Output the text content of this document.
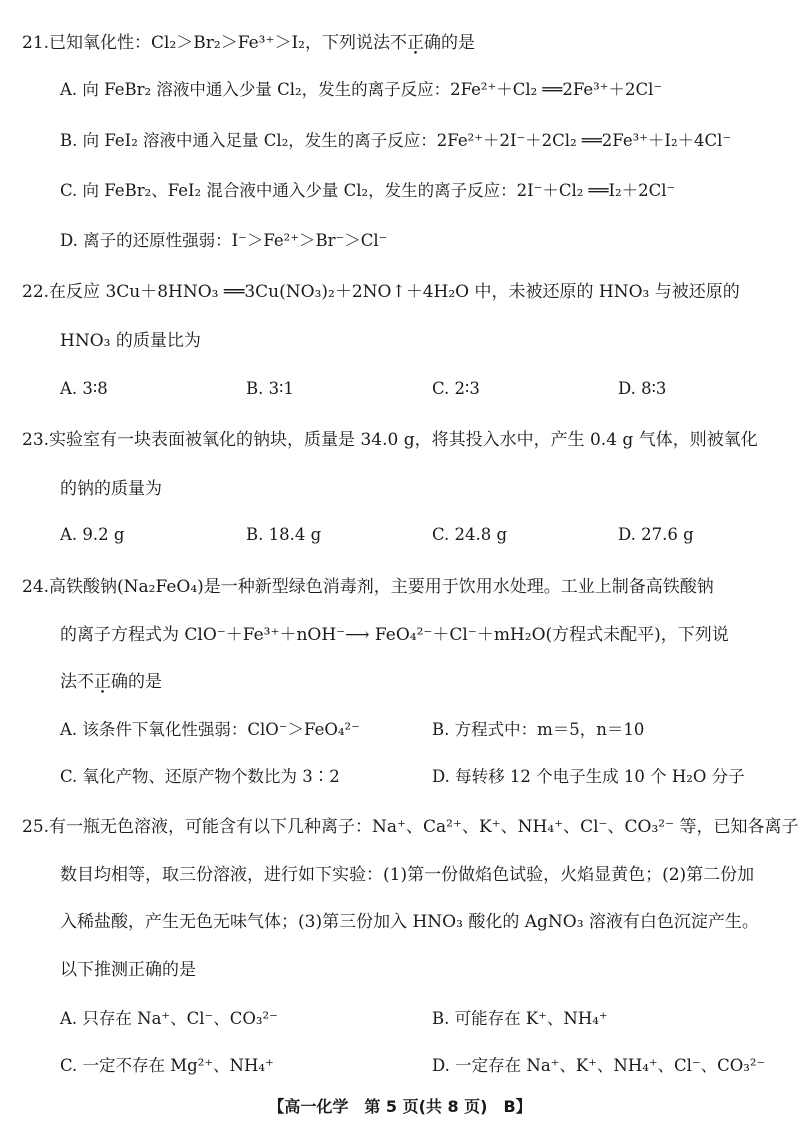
21.已知氧化性：Cl₂＞Br₂＞Fe³⁺＞I₂，下列说法不正确的是
A. 向 FeBr₂ 溶液中通入少量 Cl₂，发生的离子反应：2Fe²⁺＋Cl₂ ══2Fe³⁺＋2Cl⁻
B. 向 FeI₂ 溶液中通入足量 Cl₂，发生的离子反应：2Fe²⁺＋2I⁻＋2Cl₂ ══2Fe³⁺＋I₂＋4Cl⁻
C. 向 FeBr₂、FeI₂ 混合液中通入少量 Cl₂，发生的离子反应：2I⁻＋Cl₂ ══I₂＋2Cl⁻
D. 离子的还原性强弱：I⁻＞Fe²⁺＞Br⁻＞Cl⁻
22.在反应 3Cu＋8HNO₃ ══3Cu(NO₃)₂＋2NO↑＋4H₂O 中，未被还原的 HNO₃ 与被还原的
HNO₃ 的质量比为
A. 3∶8	B. 3∶1	C. 2∶3	D. 8∶3
23.实验室有一块表面被氧化的钠块，质量是 34.0 g，将其投入水中，产生 0.4 g 气体，则被氧化
的钠的质量为
A. 9.2 g	B. 18.4 g	C. 24.8 g	D. 27.6 g
24.高铁酸钠(Na₂FeO₄)是一种新型绿色消毒剂，主要用于饮用水处理。工业上制备高铁酸钠
的离子方程式为 ClO⁻＋Fe³⁺＋nOH⁻⟶ FeO₄²⁻＋Cl⁻＋mH₂O(方程式未配平)，下列说
法不正确的是
A. 该条件下氧化性强弱：ClO⁻＞FeO₄²⁻	B. 方程式中：m＝5，n＝10
C. 氧化产物、还原产物个数比为 3∶2	D. 每转移 12 个电子生成 10 个 H₂O 分子
25.有一瓶无色溶液，可能含有以下几种离子：Na⁺、Ca²⁺、K⁺、NH₄⁺、Cl⁻、CO₃²⁻ 等，已知各离子
数目均相等，取三份溶液，进行如下实验：(1)第一份做焰色试验，火焰显黄色；(2)第二份加
入稀盐酸，产生无色无味气体；(3)第三份加入 HNO₃ 酸化的 AgNO₃ 溶液有白色沉淀产生。
以下推测正确的是
A. 只存在 Na⁺、Cl⁻、CO₃²⁻	B. 可能存在 K⁺、NH₄⁺
C. 一定不存在 Mg²⁺、NH₄⁺	D. 一定存在 Na⁺、K⁺、NH₄⁺、Cl⁻、CO₃²⁻
【高一化学　第 5 页(共 8 页)　B】
